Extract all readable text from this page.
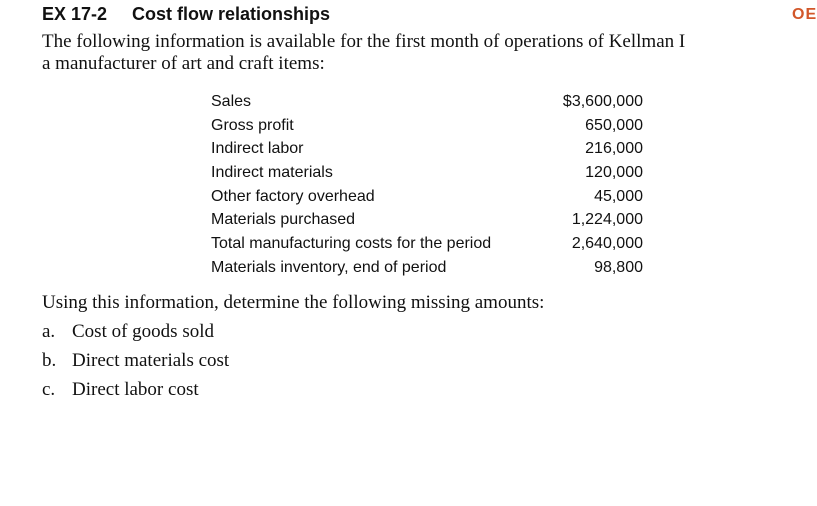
EX 17-2 Cost flow relationships	OE
The following information is available for the first month of operations of Kellman I
a manufacturer of art and craft items:
Sales	$3,600,000
Gross profit	650,000
Indirect labor	216,000
Indirect materials	120,000
Other factory overhead	45,000
Materials purchased	1,224,000
Total manufacturing costs for the period	2,640,000
Materials inventory, end of period	98,800
Using this information, determine the following missing amounts:
a. Cost of goods sold
b. Direct materials cost
c. Direct labor cost
